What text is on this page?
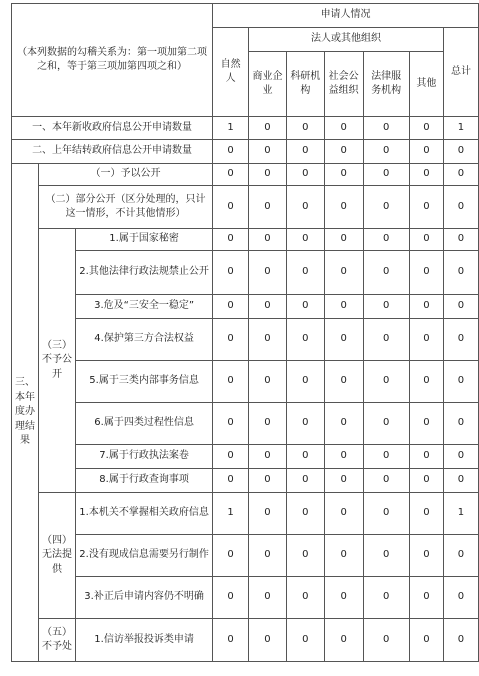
（本列数据的勾稽关系为：第一项加第二项之和，等于第三项加第四项之和）			申请人情况						
			自然人	法人或其他组织					总计
				商业企业	科研机构	社会公益组织	法律服务机构	其他	
一、本年新收政府信息公开申请数量			1	0	0	0	0	0	1
二、上年结转政府信息公开申请数量			0	0	0	0	0	0	0
三、本年度办理结果	（一）予以公开		0	0	0	0	0	0	0
	（二）部分公开（区分处理的，只计这一情形，不计其他情形）		0	0	0	0	0	0	0
	（三）不予公开	1.属于国家秘密	0	0	0	0	0	0	0
		2.其他法律行政法规禁止公开	0	0	0	0	0	0	0
		3.危及“三安全一稳定”	0	0	0	0	0	0	0
		4.保护第三方合法权益	0	0	0	0	0	0	0
		5.属于三类内部事务信息	0	0	0	0	0	0	0
		6.属于四类过程性信息	0	0	0	0	0	0	0
		7.属于行政执法案卷	0	0	0	0	0	0	0
		8.属于行政查询事项	0	0	0	0	0	0	0
	（四）无法提供	1.本机关不掌握相关政府信息	1	0	0	0	0	0	1
		2.没有现成信息需要另行制作	0	0	0	0	0	0	0
		3.补正后申请内容仍不明确	0	0	0	0	0	0	0
	（五）不予处	1.信访举报投诉类申请	0	0	0	0	0	0	0
